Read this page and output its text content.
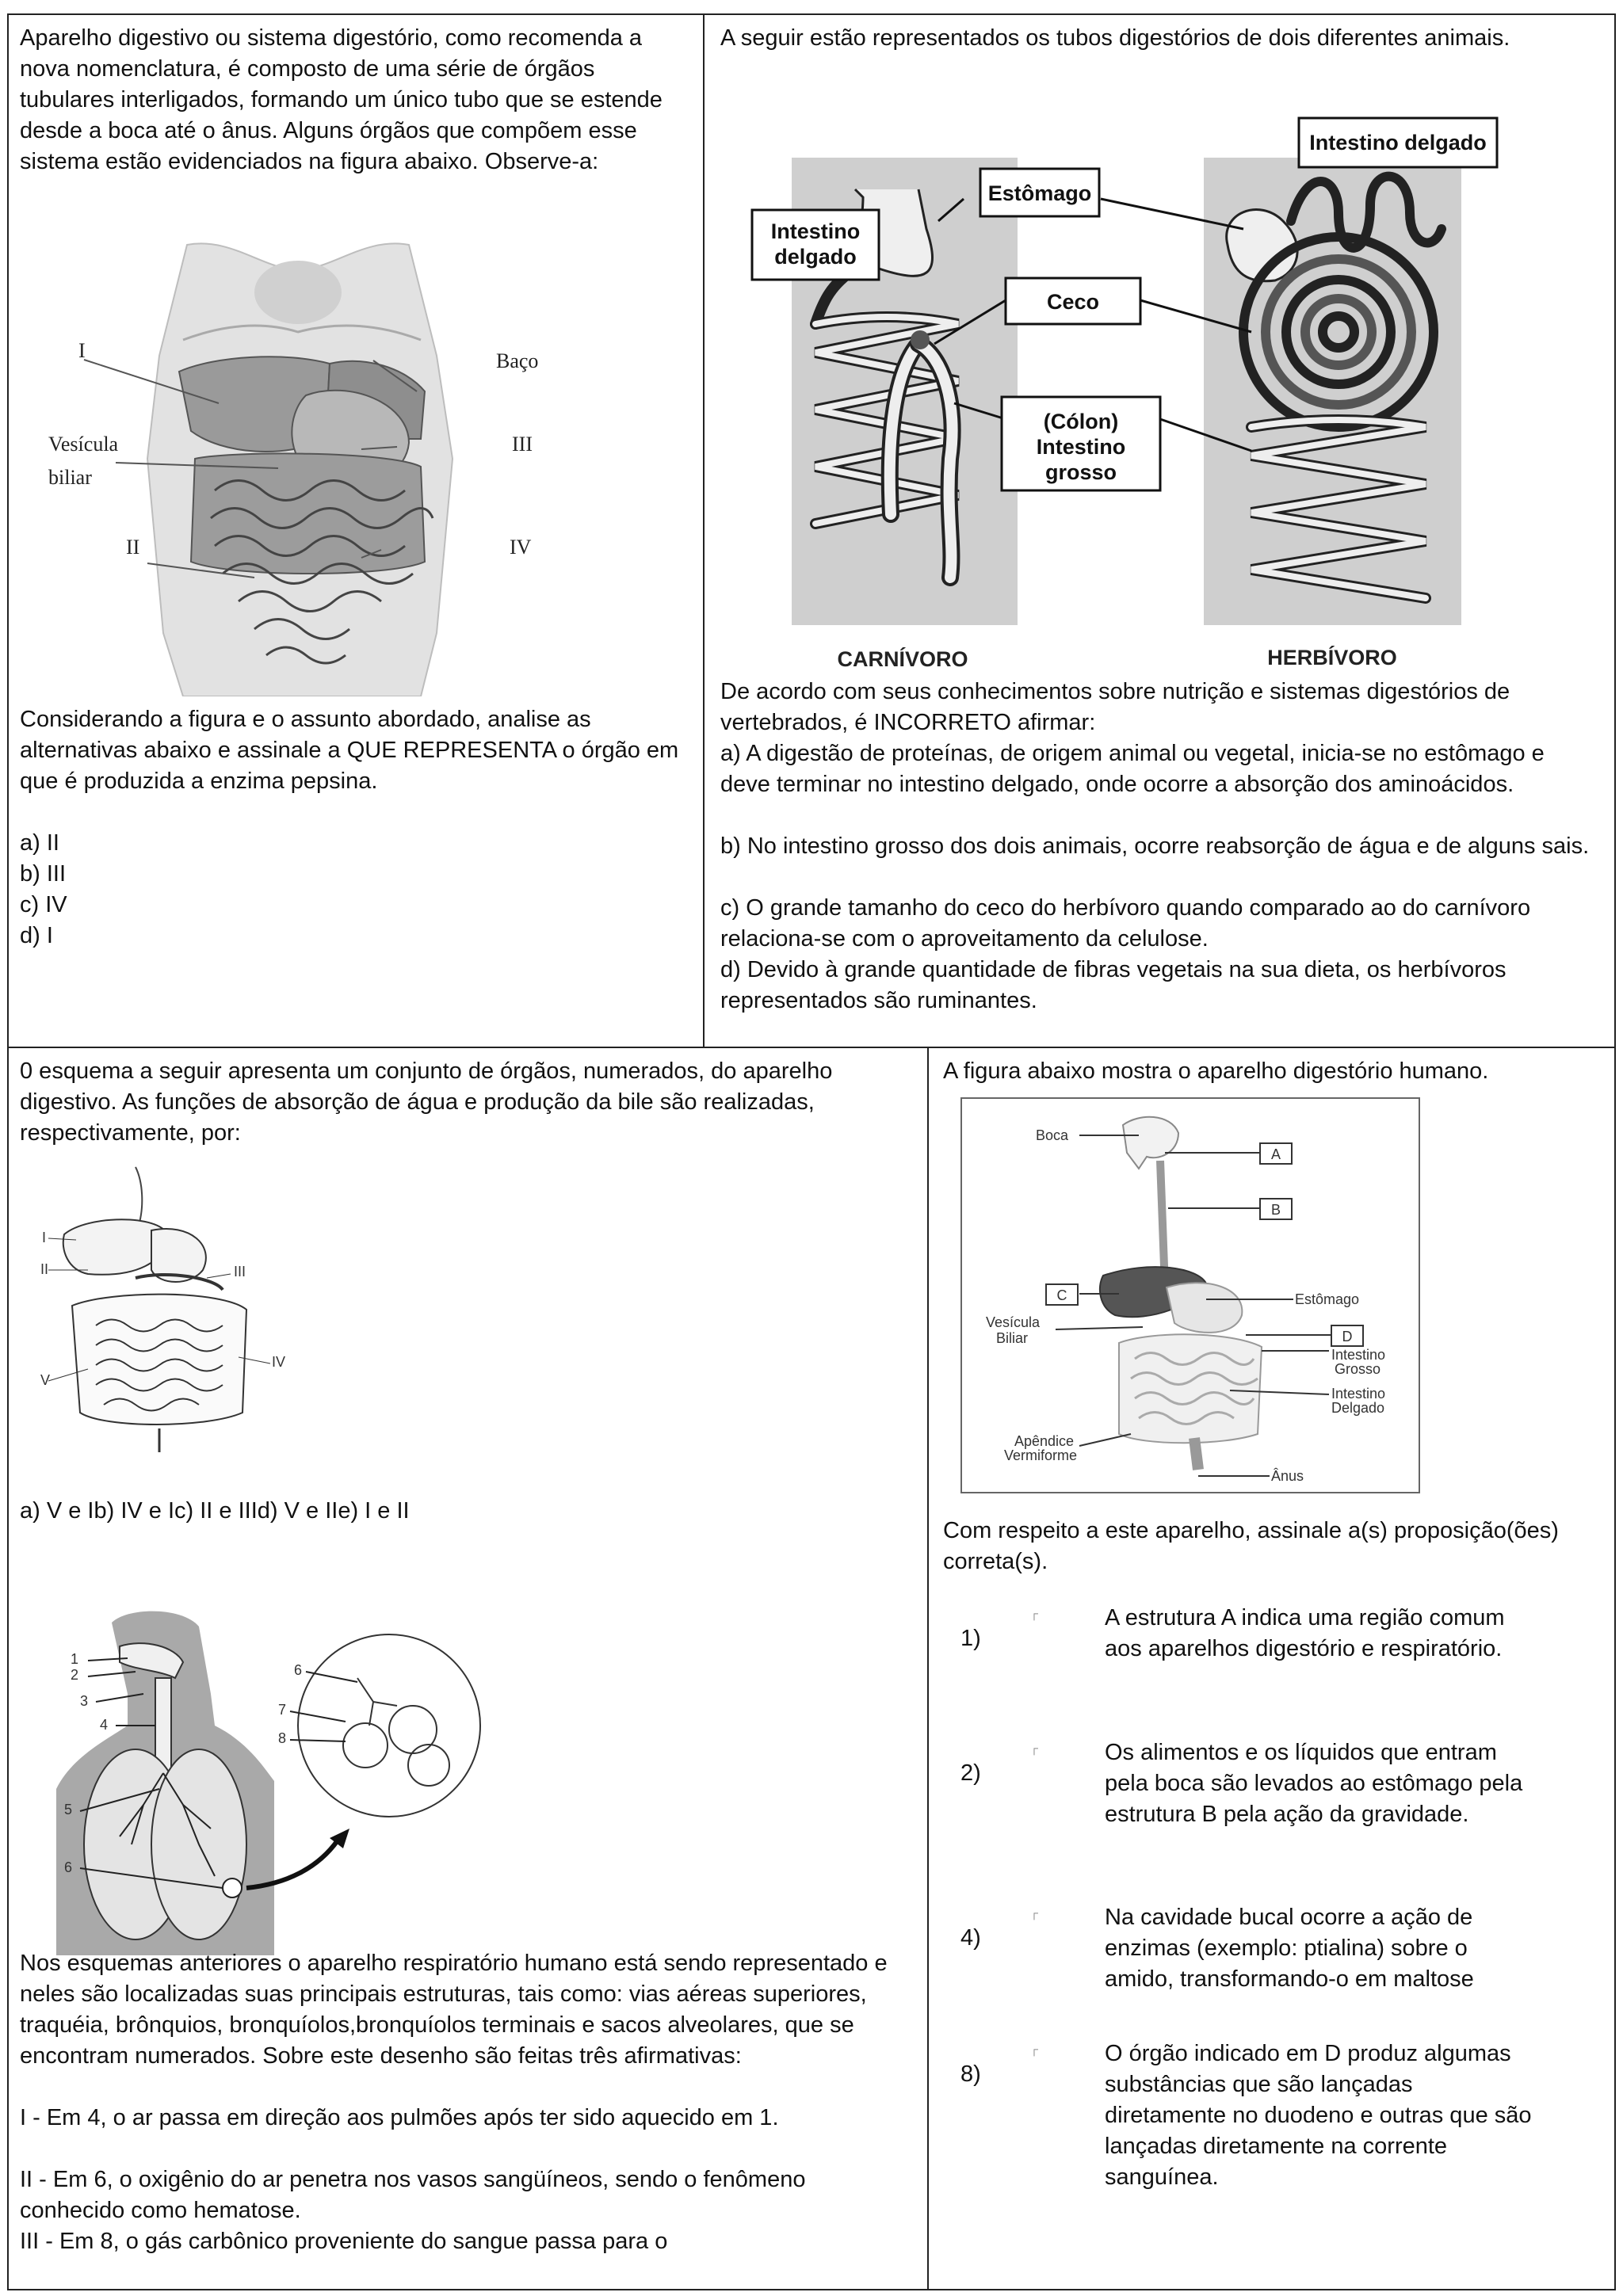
Aparelho digestivo ou sistema digestório, como recomenda a nova nomenclatura, é composto de uma série de órgãos tubulares interligados, formando um único tubo que se estende desde a boca até o ânus. Alguns órgãos que compõem esse sistema estão evidenciados na figura abaixo. Observe-a:
I	Baço
Vesícula
biliar
III
II	IV
Considerando a figura e o assunto abordado, analise as alternativas abaixo e assinale a QUE REPRESENTA o órgão em que é produzida a enzima pepsina.
a) II
b) III
c) IV
d) I
A seguir estão representados os tubos digestórios de dois diferentes animais.
Estômago
Intestino delgado
Intestino
delgado
Ceco
(Cólon)
Intestino
grosso
CARNÍVORO	HERBÍVORO
De acordo com seus conhecimentos sobre nutrição e sistemas digestórios de vertebrados, é INCORRETO afirmar:
a) A digestão de proteínas, de origem animal ou vegetal, inicia-se no estômago e deve terminar no intestino delgado, onde ocorre a absorção dos aminoácidos.
b) No intestino grosso dos dois animais, ocorre reabsorção de água e de alguns sais.
c) O grande tamanho do ceco do herbívoro quando comparado ao do carnívoro relaciona-se com o aproveitamento da celulose.
d) Devido à grande quantidade de fibras vegetais na sua dieta, os herbívoros representados são ruminantes.
0 esquema a seguir apresenta um conjunto de órgãos, numerados, do aparelho digestivo. As funções de absorção de água e produção da bile são realizadas, respectivamente, por:
I
II	III
IV
V
a) V e Ib) IV e Ic) II e IIId) V e IIe) I e II
1
2
3
4
5
6
6
7
8
Nos esquemas anteriores o aparelho respiratório humano está sendo representado e neles são localizadas suas principais estruturas, tais como: vias aéreas superiores, traquéia, brônquios, bronquíolos,bronquíolos terminais e sacos alveolares, que se encontram numerados. Sobre este desenho são feitas três afirmativas:
I - Em 4, o ar passa em direção aos pulmões após ter sido aquecido em 1.
II - Em 6, o oxigênio do ar penetra nos vasos sangüíneos, sendo o fenômeno conhecido como hematose.
III - Em 8, o gás carbônico proveniente do sangue passa para o
A figura abaixo mostra o aparelho digestório humano.
A
B
C
D
Boca
Estômago
Vesícula
Biliar
Intestino
Grosso
Intestino
Delgado
Apêndice
Vermiforme
Ânus
Com respeito a este aparelho, assinale a(s) proposição(ões) correta(s).
1)
┌	A estrutura A indica uma região comum aos aparelhos digestório e respiratório.
2)
┌	Os alimentos e os líquidos que entram pela boca são levados ao estômago pela estrutura B pela ação da gravidade.
4)
┌	Na cavidade bucal ocorre a ação de enzimas (exemplo: ptialina) sobre o amido, transformando-o em maltose
8)
┌	O órgão indicado em D produz algumas substâncias que são lançadas diretamente no duodeno e outras que são lançadas diretamente na corrente sanguínea.
